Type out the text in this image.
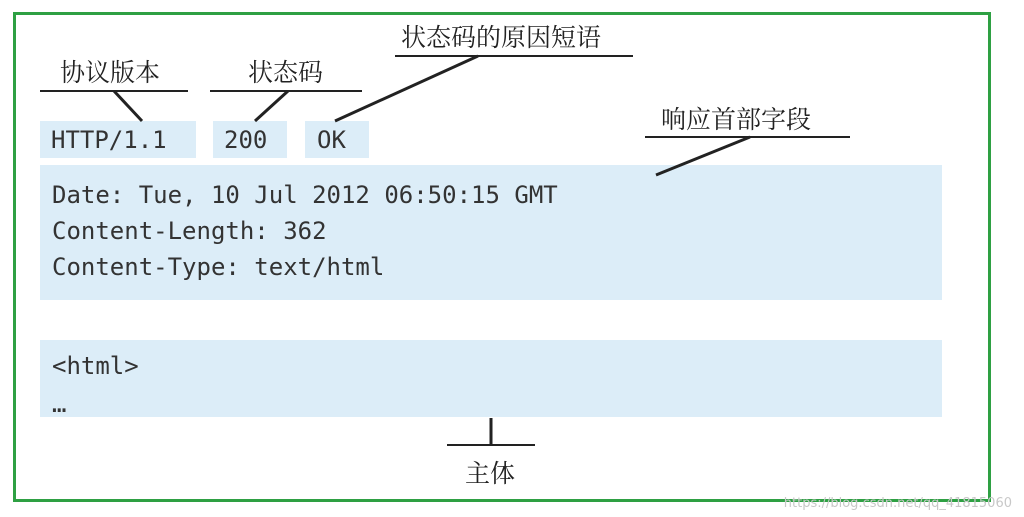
HTTP/1.1 200 OK
Date: Tue, 10 Jul 2012 06:50:15 GMT
Content-Length: 362
Content-Type: text/html
<html>
…
协议版本	状态码
状态码的原因短语
响应首部字段
主体
https://blog.csdn.net/qq_41815060
